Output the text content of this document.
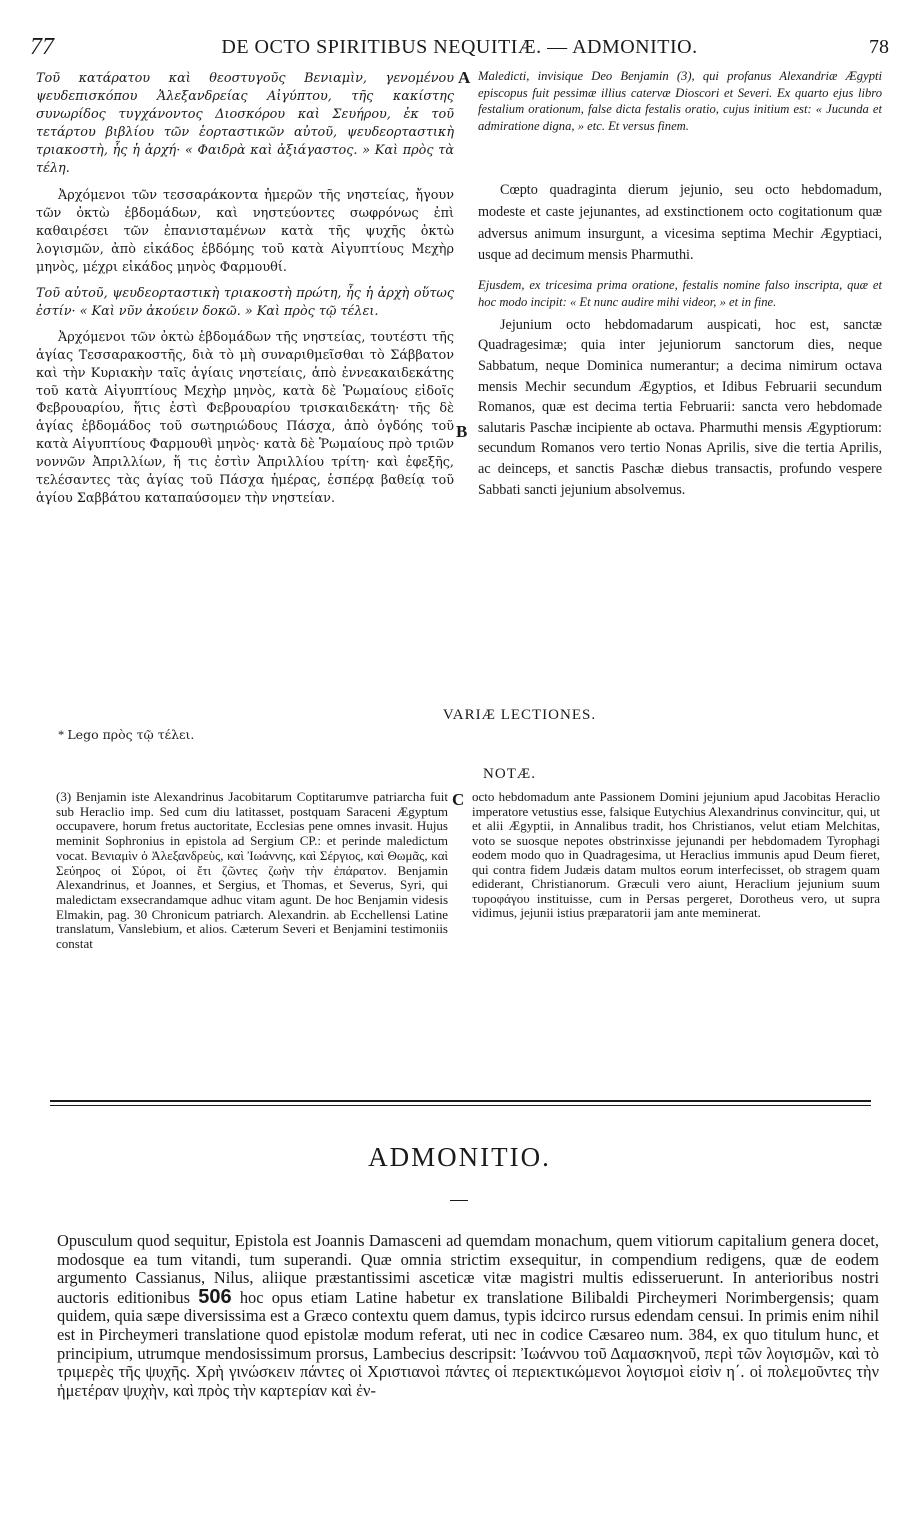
77	DE OCTO SPIRITIBUS NEQUITIÆ. — ADMONITIO.	78

Τοῦ κατάρατου καὶ θεοστυγοῦς Βενιαμὶν, γενομένου ψευδεπισκόπου Ἀλεξανδρείας Αἰγύπτου, τῆς κακίστης συνωρίδος τυγχάνοντος Διοσκόρου καὶ Σευήρου, ἐκ τοῦ τετάρτου βιβλίου τῶν ἑορταστικῶν αὐτοῦ, ψευδεορταστικὴ τριακοστὴ, ἧς ἡ ἀρχή· « Φαιδρὰ καὶ ἀξιάγαστος. » Καὶ πρὸς τὰ τέλη.

Ἀρχόμενοι τῶν τεσσαράκοντα ἡμερῶν τῆς νηστείας, ἤγουν τῶν ὀκτὼ ἑβδομάδων, καὶ νηστεύοντες σωφρόνως ἐπὶ καθαιρέσει τῶν ἐπανισταμένων κατὰ τῆς ψυχῆς ὀκτὼ λογισμῶν, ἀπὸ εἰκάδος ἑβδόμης τοῦ κατὰ Αἰγυπτίους Μεχὴρ μηνὸς, μέχρι εἰκάδος μηνὸς Φαρμουθί.

Τοῦ αὐτοῦ, ψευδεορταστικὴ τριακοστὴ πρώτη, ἧς ἡ ἀρχὴ οὕτως ἐστίν· « Καὶ νῦν ἀκούειν δοκῶ. » Καὶ πρὸς τῷ τέλει.

Ἀρχόμενοι τῶν ὀκτὼ ἑβδομάδων τῆς νηστείας, τουτέστι τῆς ἁγίας Τεσσαρακοστῆς, διὰ τὸ μὴ συναριθμεῖσθαι τὸ Σάββατον καὶ τὴν Κυριακὴν ταῖς ἁγίαις νηστείαις, ἀπὸ ἐννεακαιδεκάτης τοῦ κατὰ Αἰγυπτίους Μεχὴρ μηνὸς, κατὰ δὲ Ῥωμαίους εἰδοῖς Φεβρουαρίου, ἥτις ἐστὶ Φεβρουαρίου τρισκαιδεκάτη· τῆς δὲ ἁγίας ἑβδομάδος τοῦ σωτηριώδους Πάσχα, ἀπὸ ὀγδόης τοῦ κατὰ Αἰγυπτίους Φαρμουθὶ μηνὸς· κατὰ δὲ Ῥωμαίους πρὸ τριῶν νοννῶν Ἀπριλλίων, ἥ τις ἐστὶν Ἀπριλλίου τρίτη· καὶ ἐφεξῆς, τελέσαντες τὰς ἁγίας τοῦ Πάσχα ἡμέρας, ἑσπέρᾳ βαθείᾳ τοῦ ἁγίου Σαββάτου καταπαύσομεν τὴν νηστείαν.

A
B

Maledicti, invisique Deo Benjamin (3), qui profanus Alexandriæ Ægypti episcopus fuit pessimæ illius catervæ Dioscori et Severi. Ex quarto ejus libro festalium orationum, false dicta festalis oratio, cujus initium est: « Jucunda et admiratione digna, » etc. Et versus finem.

Cœpto quadraginta dierum jejunio, seu octo hebdomadum, modeste et caste jejunantes, ad exstinctionem octo cogitationum quæ adversus animum insurgunt, a vicesima septima Mechir Ægyptiaci, usque ad decimum mensis Pharmuthi.

Ejusdem, ex tricesima prima oratione, festalis nomine falso inscripta, quæ et hoc modo incipit: « Et nunc audire mihi videor, » et in fine.

Jejunium octo hebdomadarum auspicati, hoc est, sanctæ Quadragesimæ; quia inter jejuniorum sanctorum dies, neque Sabbatum, neque Dominica numerantur; a decima nimirum octava mensis Mechir secundum Ægyptios, et Idibus Februarii secundum Romanos, quæ est decima tertia Februarii: sancta vero hebdomade salutaris Paschæ incipiente ab octava. Pharmuthi mensis Ægyptiorum: secundum Romanos vero tertio Nonas Aprilis, sive die tertia Aprilis, ac deinceps, et sanctis Paschæ diebus transactis, profundo vespere Sabbati sancti jejunium absolvemus.

VARIÆ LECTIONES.
* Lego πρὸς τῷ τέλει.
NOTÆ.
(3) Benjamin iste Alexandrinus Jacobitarum Coptitarumve patriarcha fuit sub Heraclio imp. Sed cum diu latitasset, postquam Saraceni Ægyptum occupavere, horum fretus auctoritate, Ecclesias pene omnes invasit. Hujus meminit Sophronius in epistola ad Sergium CP.: et perinde maledictum vocat. Βενιαμὶν ὁ Ἀλεξανδρεὺς, καὶ Ἰωάννης, καὶ Σέργιος, καὶ Θωμᾶς, καὶ Σεύηρος οἱ Σύροι, οἱ ἔτι ζῶντες ζωὴν τὴν ἐπάρατον. Benjamin Alexandrinus, et Joannes, et Sergius, et Thomas, et Severus, Syri, qui maledictam exsecrandamque adhuc vitam agunt. De hoc Benjamin videsis Elmakin, pag. 30 Chronicum patriarch. Alexandrin. ab Ecchellensi Latine translatum, Vanslebium, et alios. Cæterum Severi et Benjamini testimoniis constat
C octo hebdomadum ante Passionem Domini jejunium apud Jacobitas Heraclio imperatore vetustius esse, falsique Eutychius Alexandrinus convincitur, qui, ut et alii Ægyptii, in Annalibus tradit, hos Christianos, velut etiam Melchitas, voto se suosque nepotes obstrinxisse jejunandi per hebdomadem Tyrophagi eodem modo quo in Quadragesima, ut Heraclius immunis apud Deum fieret, qui contra fidem Judæis datam multos eorum interfecisset, ob stragem quam ediderant, Christianorum. Græculi vero aiunt, Heraclium jejunium suum τυροφάγου instituisse, cum in Persas pergeret, Dorotheus vero, ut supra vidimus, jejunii istius præparatorii jam ante meminerat.
ADMONITIO.
Opusculum quod sequitur, Epistola est Joannis Damasceni ad quemdam monachum, quem vitiorum capitalium genera docet, modosque ea tum vitandi, tum superandi. Quæ omnia strictim exsequitur, in compendium redigens, quæ de eodem argumento Cassianus, Nilus, aliique præstantissimi asceticæ vitæ magistri multis edisseruerunt. In anterioribus nostri auctoris editionibus 506 hoc opus etiam Latine habetur ex translatione Bilibaldi Pircheymeri Norimbergensis; quam quidem, quia sæpe diversissima est a Græco contextu quem damus, typis idcirco rursus edendam censui. In primis enim nihil est in Pircheymeri translatione quod epistolæ modum referat, uti nec in codice Cæsareo num. 384, ex quo titulum hunc, et principium, utrumque mendosissimum prorsus, Lambecius descripsit: Ἰωάννου τοῦ Δαμασκηνοῦ, περὶ τῶν λογισμῶν, καὶ τὸ τριμερὲς τῆς ψυχῆς. Χρὴ γινώσκειν πάντες οἱ Χριστιανοὶ πάντες οἱ περιεκτικώμενοι λογισμοὶ εἰσὶν η΄. οἱ πολεμοῦντες τὴν ἡμετέραν ψυχὴν, καὶ πρὸς τὴν καρτερίαν καὶ ἐν-
